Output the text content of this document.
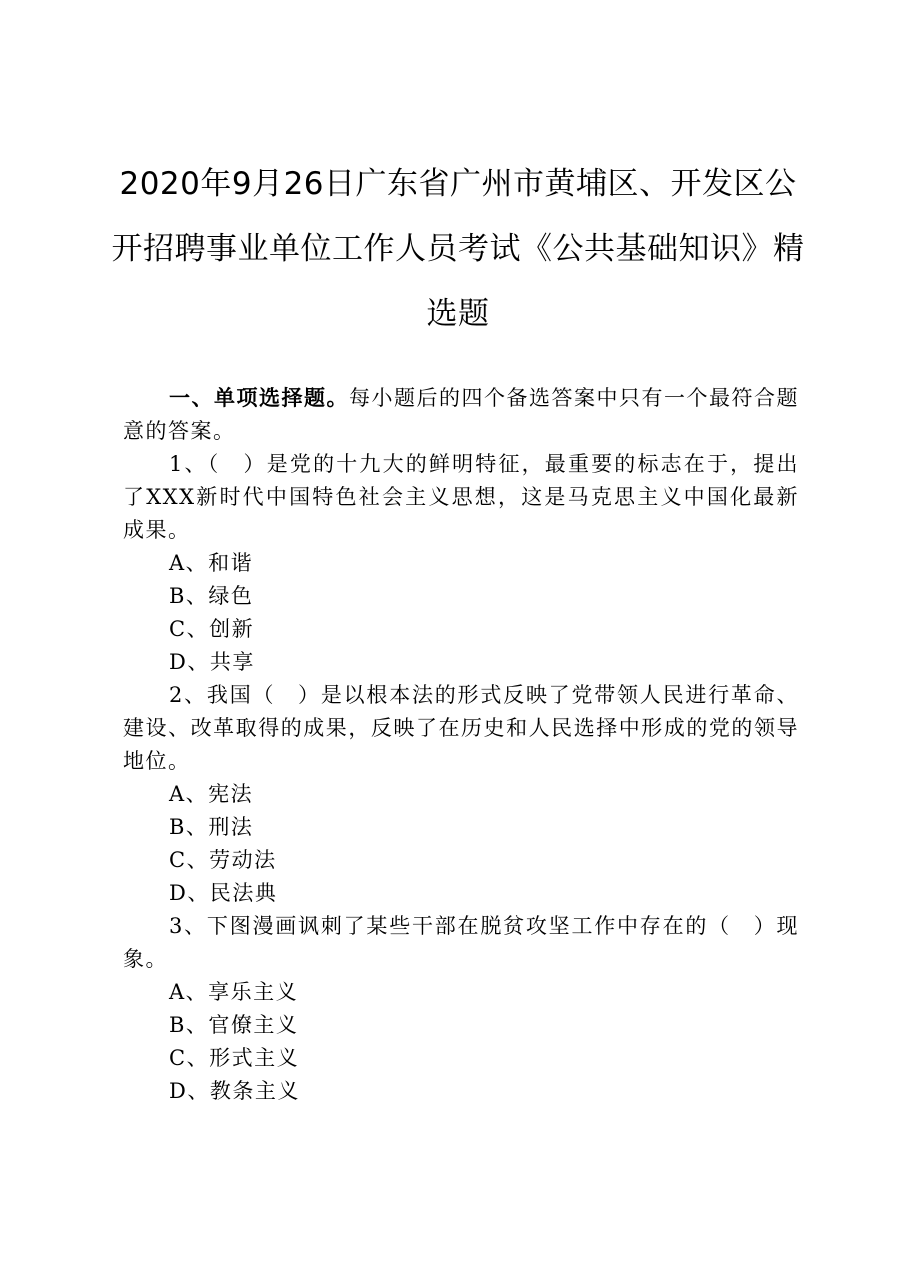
2020年9月26日广东省广州市黄埔区、开发区公开招聘事业单位工作人员考试《公共基础知识》精选题

一、单项选择题。每小题后的四个备选答案中只有一个最符合题意的答案。

1、（　）是党的十九大的鲜明特征，最重要的标志在于，提出了XXX新时代中国特色社会主义思想，这是马克思主义中国化最新成果。

A、和谐

B、绿色

C、创新

D、共享

2、我国（　）是以根本法的形式反映了党带领人民进行革命、建设、改革取得的成果，反映了在历史和人民选择中形成的党的领导地位。

A、宪法

B、刑法

C、劳动法

D、民法典

3、下图漫画讽刺了某些干部在脱贫攻坚工作中存在的（　）现象。

A、享乐主义

B、官僚主义

C、形式主义

D、教条主义
